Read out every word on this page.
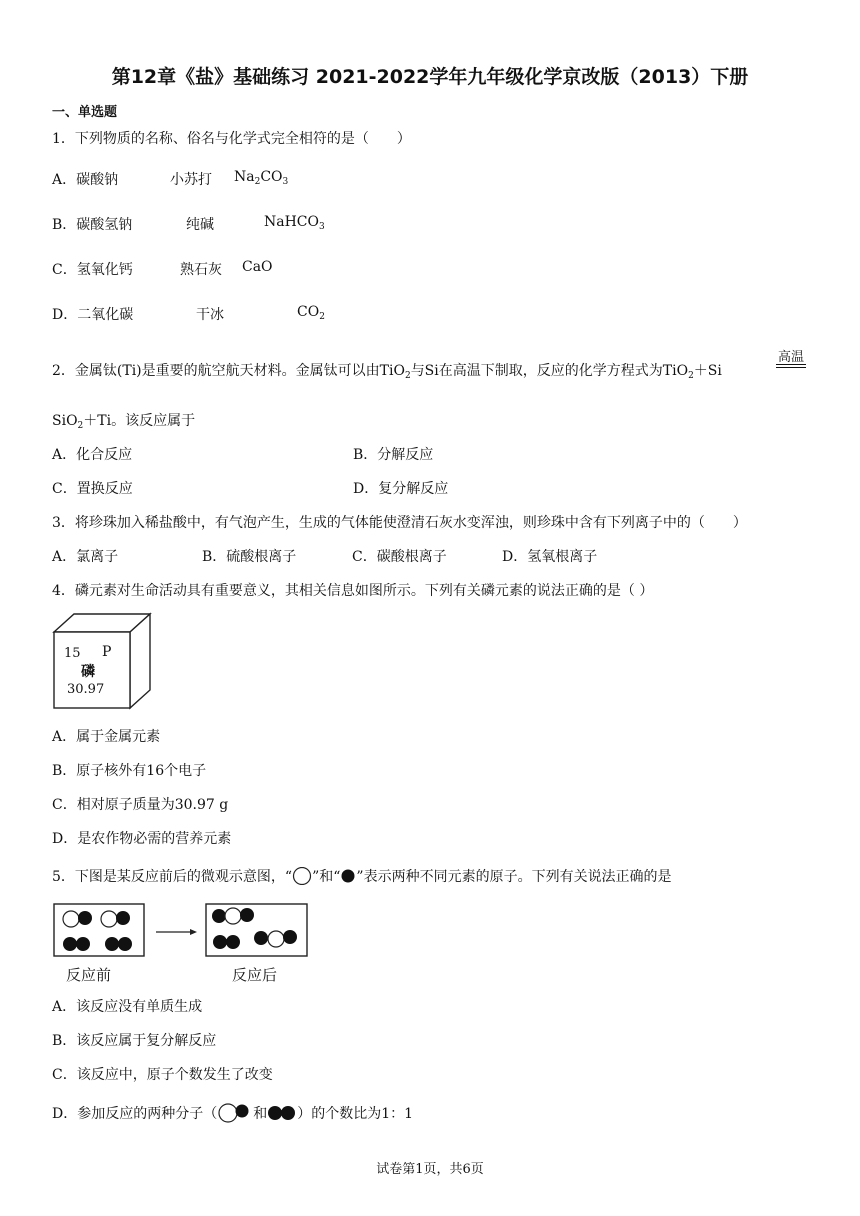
第12章《盐》基础练习 2021-2022学年九年级化学京改版（2013）下册
一、单选题
1．下列物质的名称、俗名与化学式完全相符的是（　　）
A．碳酸钠	小苏打 $Na_2CO_3$
B．碳酸氢钠	纯碱	NaHCO$_3$
C．氢氧化钙	熟石灰 CaO
D．二氧化碳	干冰	$CO_2$
2．金属钛(Ti)是重要的航空航天材料。金属钛可以由TiO$_2$与Si在高温下制取，反应的化学方程式为TiO$_2$＋Si
高温
SiO$_2$＋Ti。该反应属于
A．化合反应	B．分解反应
C．置换反应	D．复分解反应
3．将珍珠加入稀盐酸中，有气泡产生，生成的气体能使澄清石灰水变浑浊，则珍珠中含有下列离子中的（　　）
A．氯离子	B．硫酸根离子	C．碳酸根离子	D．氢氧根离子
4．磷元素对生命活动具有重要意义，其相关信息如图所示。下列有关磷元素的说法正确的是（ ）
15 P
磷
30.97
A．属于金属元素
B．原子核外有16个电子
C．相对原子质量为30.97 g
D．是农作物必需的营养元素
5．下图是某反应前后的微观示意图，“ ”和“ ”表示两种不同元素的原子。下列有关说法正确的是
反应前	反应后
A．该反应没有单质生成
B．该反应属于复分解反应
C．该反应中，原子个数发生了改变
D．参加反应的两种分子（	和 ）的个数比为1：1
试卷第1页，共6页
